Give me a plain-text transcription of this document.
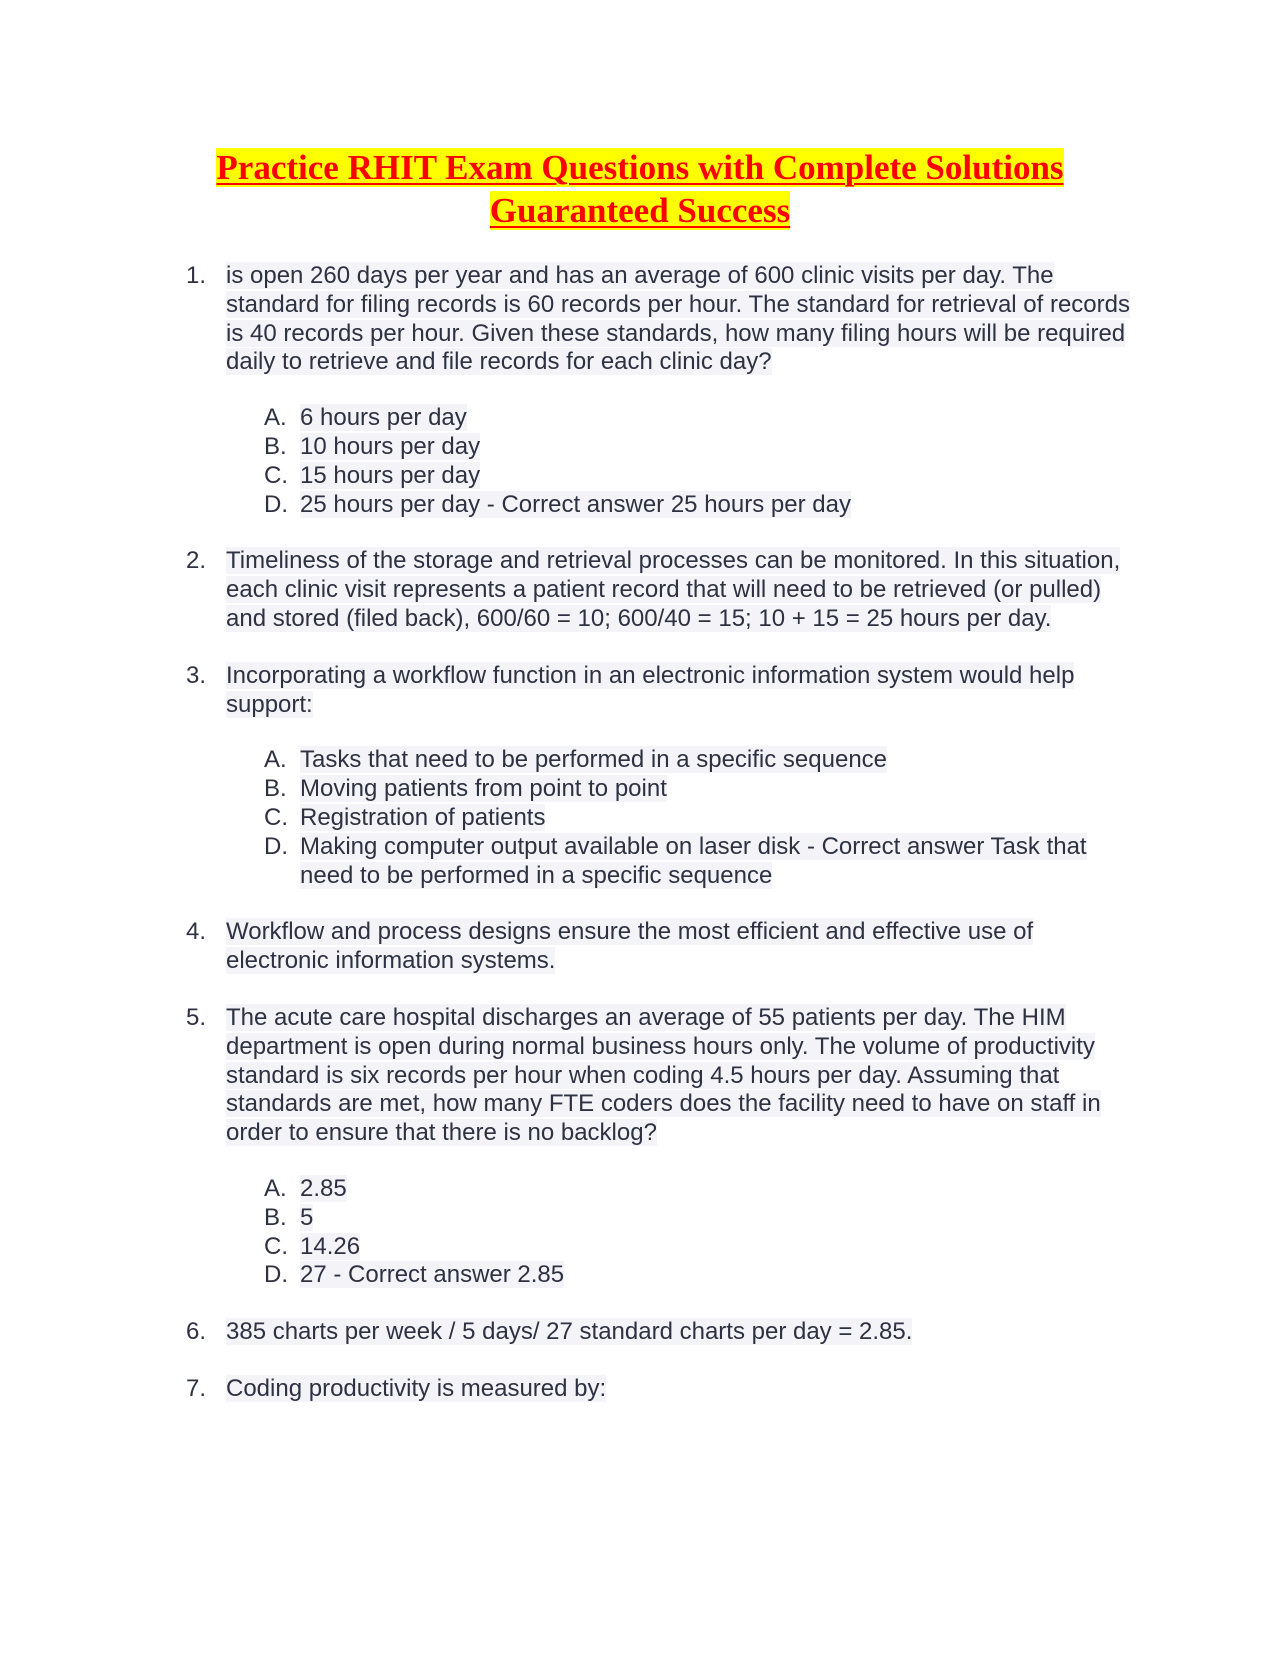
Practice RHIT Exam Questions with Complete Solutions
Guaranteed Success
1. is open 260 days per year and has an average of 600 clinic visits per day. The standard for filing records is 60 records per hour. The standard for retrieval of records is 40 records per hour. Given these standards, how many filing hours will be required daily to retrieve and file records for each clinic day?
A. 6 hours per day
B. 10 hours per day
C. 15 hours per day
D. 25 hours per day - Correct answer 25 hours per day
2. Timeliness of the storage and retrieval processes can be monitored. In this situation, each clinic visit represents a patient record that will need to be retrieved (or pulled) and stored (filed back), 600/60 = 10; 600/40 = 15; 10 + 15 = 25 hours per day.
3. Incorporating a workflow function in an electronic information system would help support:
A. Tasks that need to be performed in a specific sequence
B. Moving patients from point to point
C. Registration of patients
D. Making computer output available on laser disk - Correct answer Task that need to be performed in a specific sequence
4. Workflow and process designs ensure the most efficient and effective use of electronic information systems.
5. The acute care hospital discharges an average of 55 patients per day. The HIM department is open during normal business hours only. The volume of productivity standard is six records per hour when coding 4.5 hours per day. Assuming that standards are met, how many FTE coders does the facility need to have on staff in order to ensure that there is no backlog?
A. 2.85
B. 5
C. 14.26
D. 27 - Correct answer 2.85
6. 385 charts per week / 5 days/ 27 standard charts per day = 2.85.
7. Coding productivity is measured by:
